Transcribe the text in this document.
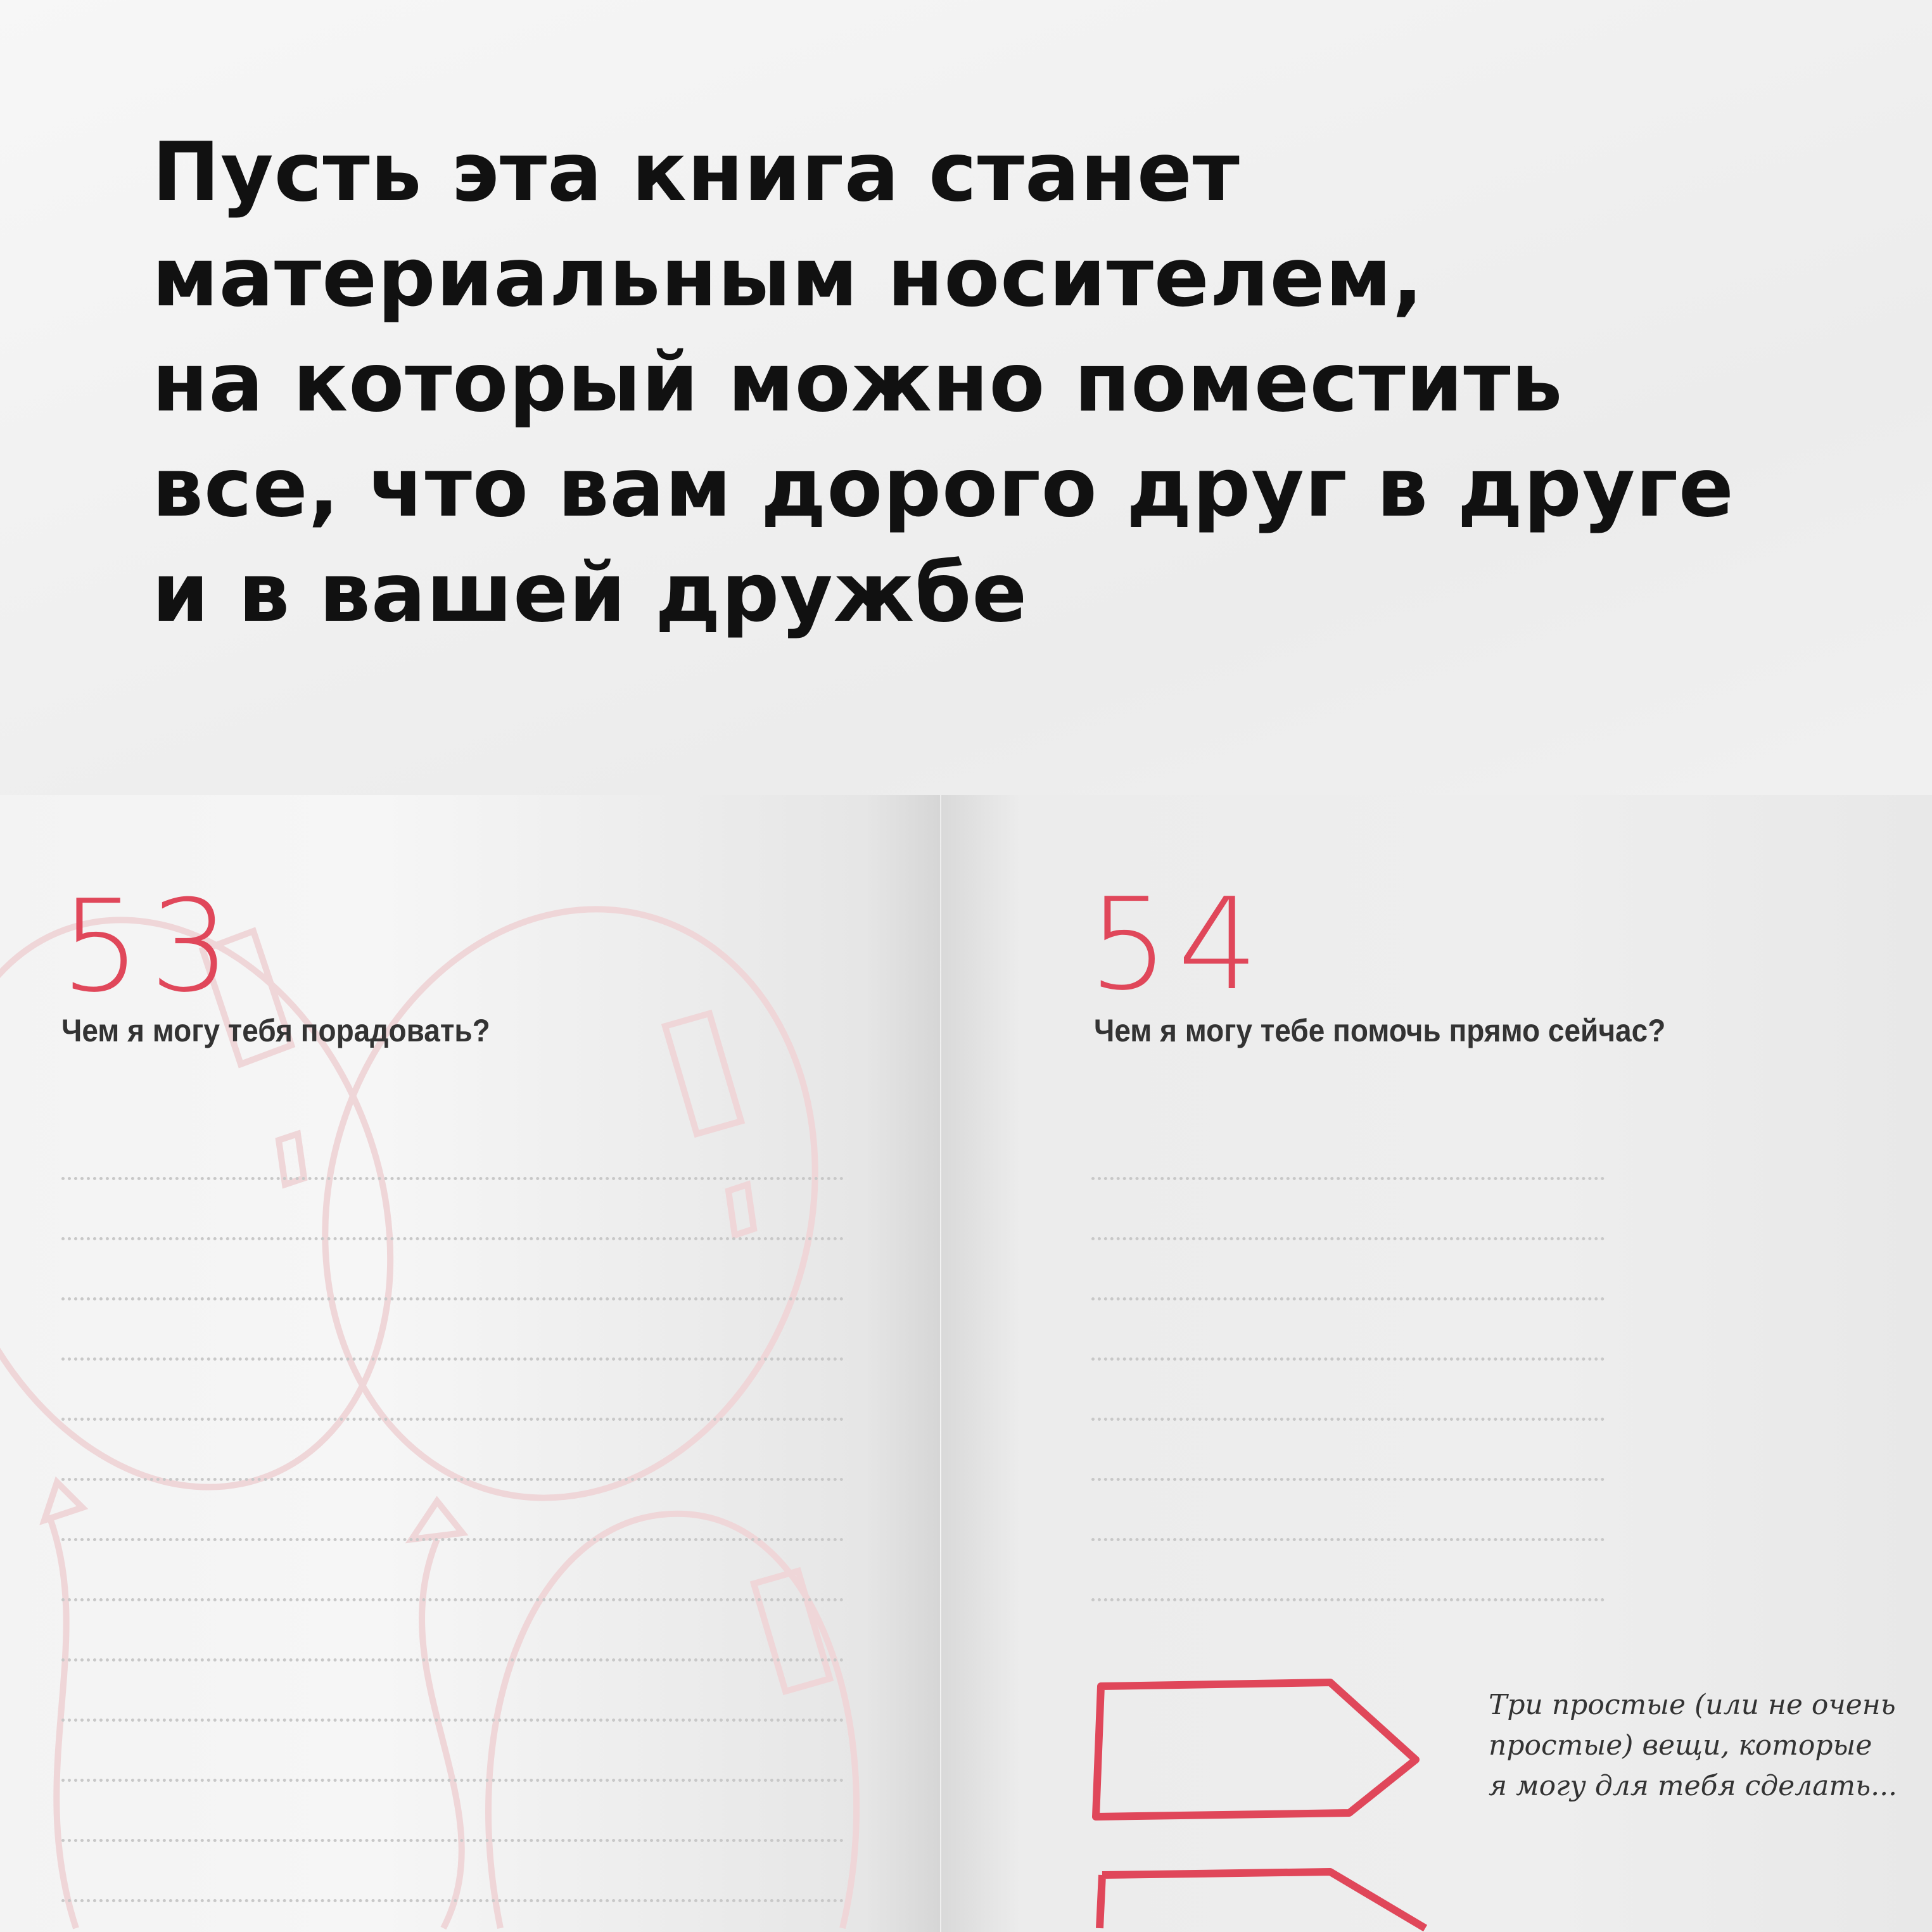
Пусть эта книга станет
материальным носителем,
на который можно поместить
все, что вам дорого друг в друге
и в вашей дружбе
53
Чем я могу тебя порадовать?
54
Чем я могу тебе помочь прямо сейчас?
Три простые (или не очень
простые) вещи, которые
я могу для тебя сделать...
